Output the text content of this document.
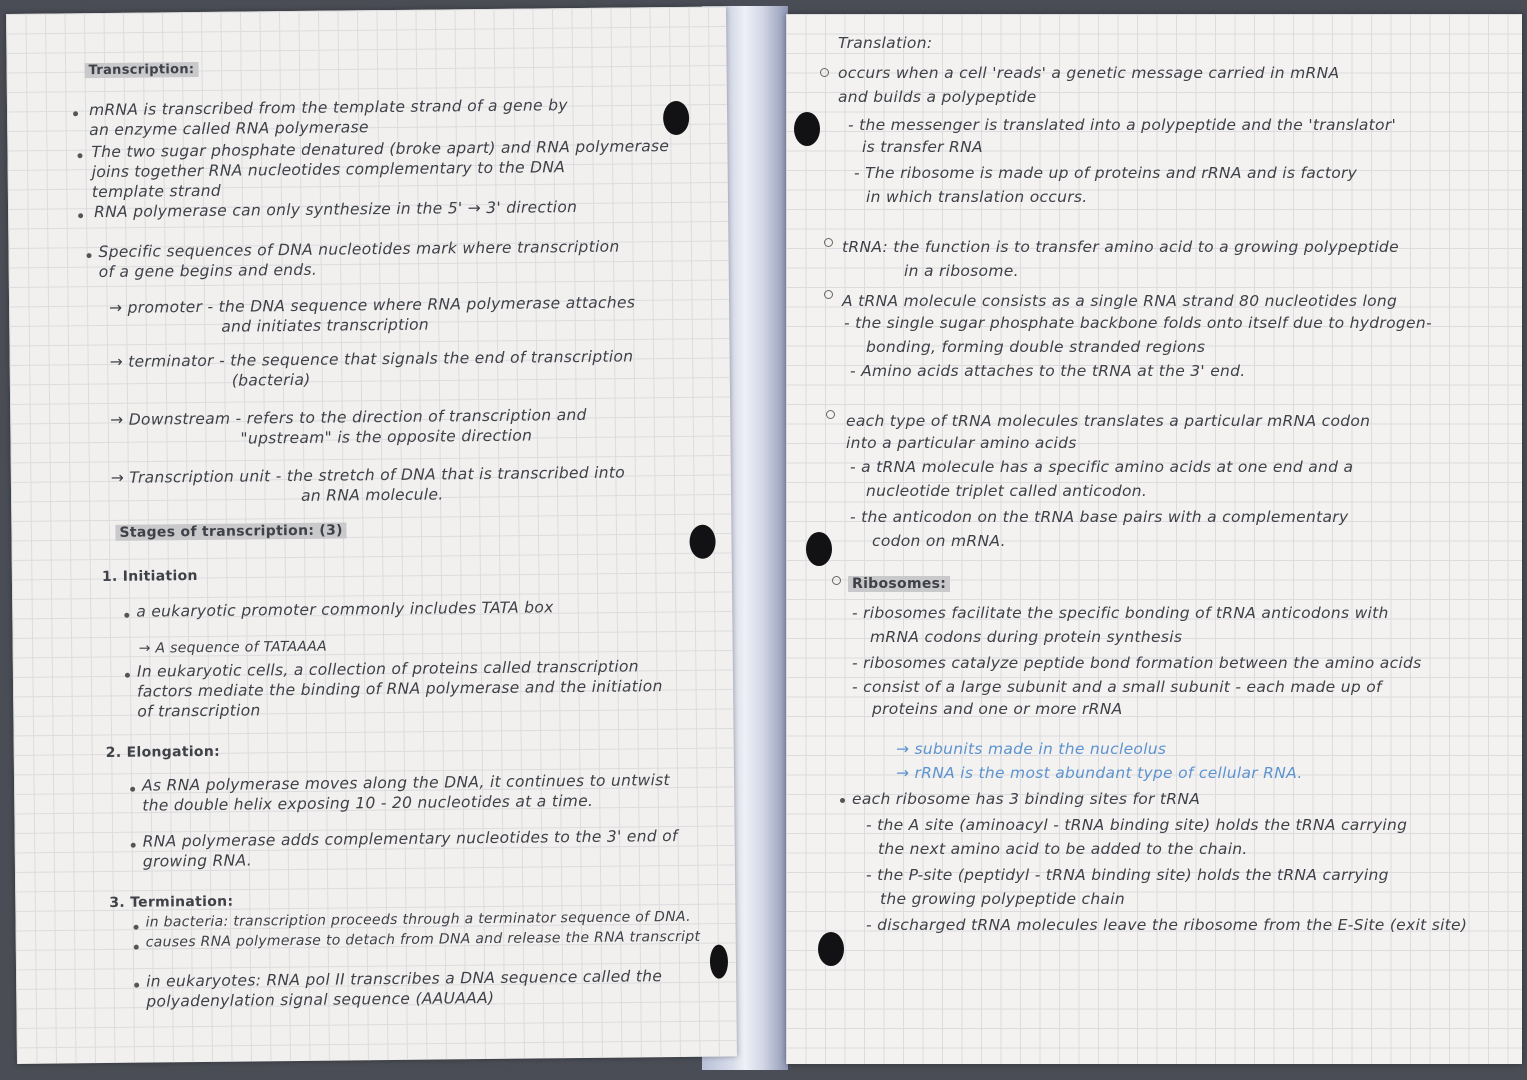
Transcription:
mRNA is transcribed from the template strand of a gene by
an enzyme called RNA polymerase
The two sugar phosphate denatured (broke apart) and RNA polymerase
joins together RNA nucleotides complementary to the DNA
template strand
RNA polymerase can only synthesize in the 5' → 3' direction
Specific sequences of DNA nucleotides mark where transcription
of a gene begins and ends.
→ promoter - the DNA sequence where RNA polymerase attaches
and initiates transcription
→ terminator - the sequence that signals the end of transcription
(bacteria)
→ Downstream - refers to the direction of transcription and
"upstream" is the opposite direction
→ Transcription unit - the stretch of DNA that is transcribed into
an RNA molecule.
Stages of transcription: (3)
1. Initiation
a eukaryotic promoter commonly includes TATA box
→ A sequence of TATAAAA
In eukaryotic cells, a collection of proteins called transcription
factors mediate the binding of RNA polymerase and the initiation
of transcription
2. Elongation:
As RNA polymerase moves along the DNA, it continues to untwist
the double helix exposing 10 - 20 nucleotides at a time.
RNA polymerase adds complementary nucleotides to the 3' end of
growing RNA.
3. Termination:
in bacteria: transcription proceeds through a terminator sequence of DNA.
causes RNA polymerase to detach from DNA and release the RNA transcript
in eukaryotes: RNA pol II transcribes a DNA sequence called the
polyadenylation signal sequence (AAUAAA)
Translation:
occurs when a cell 'reads' a genetic message carried in mRNA
and builds a polypeptide
- the messenger is translated into a polypeptide and the 'translator'
is transfer RNA
- The ribosome is made up of proteins and rRNA and is factory
in which translation occurs.
tRNA: the function is to transfer amino acid to a growing polypeptide
in a ribosome.
A tRNA molecule consists as a single RNA strand 80 nucleotides long
- the single sugar phosphate backbone folds onto itself due to hydrogen-
bonding, forming double stranded regions
- Amino acids attaches to the tRNA at the 3' end.
each type of tRNA molecules translates a particular mRNA codon
into a particular amino acids
- a tRNA molecule has a specific amino acids at one end and a
nucleotide triplet called anticodon.
- the anticodon on the tRNA base pairs with a complementary
codon on mRNA.
Ribosomes:
- ribosomes facilitate the specific bonding of tRNA anticodons with
mRNA codons during protein synthesis
- ribosomes catalyze peptide bond formation between the amino acids
- consist of a large subunit and a small subunit - each made up of
proteins and one or more rRNA
→ subunits made in the nucleolus
→ rRNA is the most abundant type of cellular RNA.
each ribosome has 3 binding sites for tRNA
- the A site (aminoacyl - tRNA binding site) holds the tRNA carrying
the next amino acid to be added to the chain.
- the P-site (peptidyl - tRNA binding site) holds the tRNA carrying
the growing polypeptide chain
- discharged tRNA molecules leave the ribosome from the E-Site (exit site)
